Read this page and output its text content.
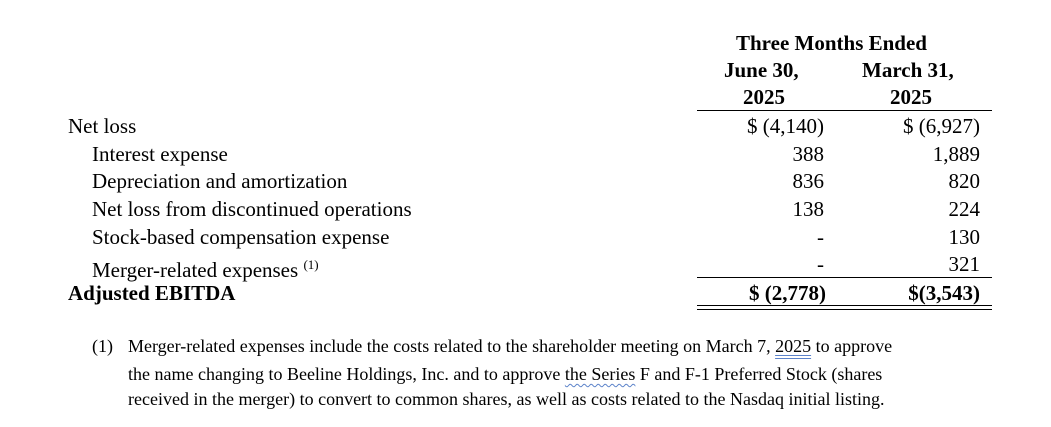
Three Months Ended
June 30,
2025
March 31,
2025
Net loss	$ (4,140)	$ (6,927)
Interest expense	388	1,889
Depreciation and amortization	836	820
Net loss from discontinued operations	138	224
Stock-based compensation expense	-	130
Merger-related expenses $^{(1)}$	-	321
Adjusted EBITDA	$ (2,778)	$(3,543)
(1) Merger-related expenses include the costs related to the shareholder meeting on March 7, 2025 to approve
the name changing to Beeline Holdings, Inc. and to approve the Series F and F-1 Preferred Stock (shares
received in the merger) to convert to common shares, as well as costs related to the Nasdaq initial listing.
